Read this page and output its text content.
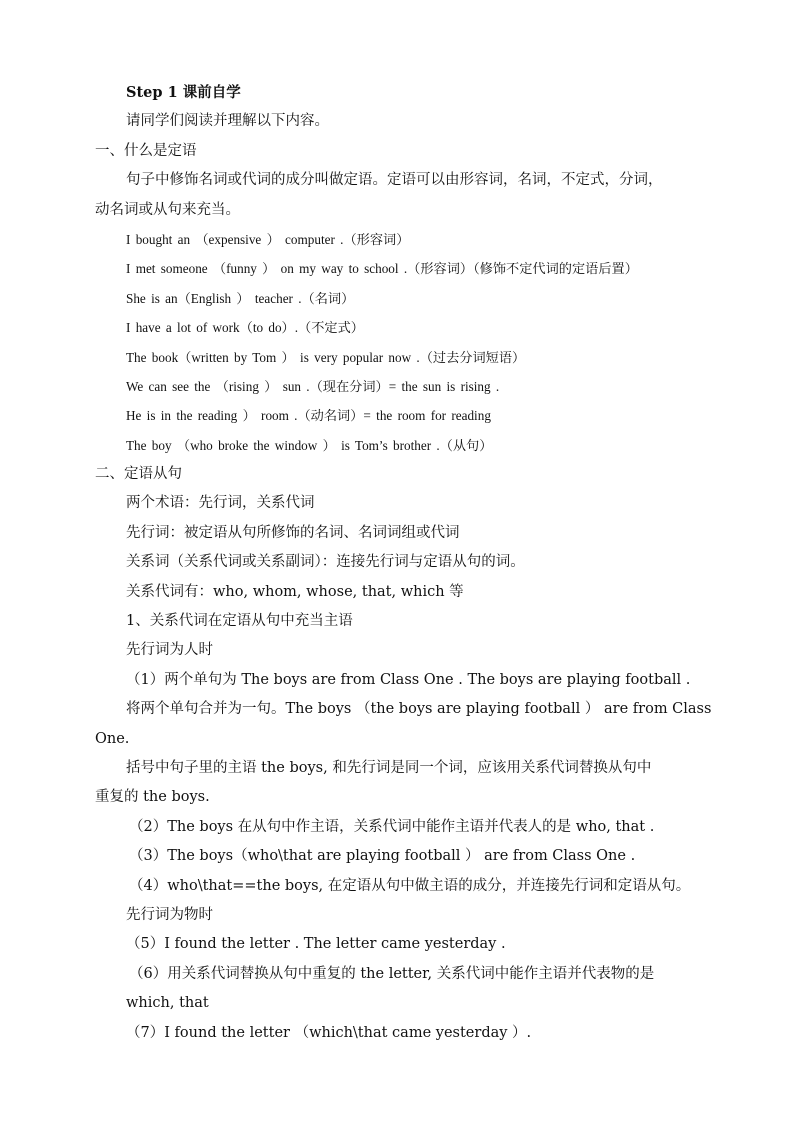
Step 1 课前自学
请同学们阅读并理解以下内容。
一、什么是定语
句子中修饰名词或代词的成分叫做定语。定语可以由形容词，名词，不定式，分词，
动名词或从句来充当。
I bought an （expensive ） computer .（形容词）
I met someone （funny ） on my way to school .（形容词）（修饰不定代词的定语后置）
She is an（English ） teacher .（名词）
I have a lot of work（to do）.（不定式）
The book（written by Tom ） is very popular now .（过去分词短语）
We can see the （rising ） sun .（现在分词）= the sun is rising .
He is in the reading ） room .（动名词）= the room for reading
The boy （who broke the window ） is Tom’s brother .（从句）
二、定语从句
两个术语：先行词，关系代词
先行词：被定语从句所修饰的名词、名词词组或代词
关系词（关系代词或关系副词）：连接先行词与定语从句的词。
关系代词有：who, whom, whose, that, which 等
1、关系代词在定语从句中充当主语
先行词为人时
（1）两个单句为 The boys are from Class One . The boys are playing football .
将两个单句合并为一句。The boys （the boys are playing football ） are from Class
One.
括号中句子里的主语 the boys, 和先行词是同一个词，应该用关系代词替换从句中
重复的 the boys.
（2）The boys 在从句中作主语，关系代词中能作主语并代表人的是 who, that .
（3）The boys（who\that are playing football ） are from Class One .
（4）who\that==the boys, 在定语从句中做主语的成分，并连接先行词和定语从句。
先行词为物时
（5）I found the letter . The letter came yesterday .
（6）用关系代词替换从句中重复的 the letter, 关系代词中能作主语并代表物的是
which, that
（7）I found the letter （which\that came yesterday ）.
